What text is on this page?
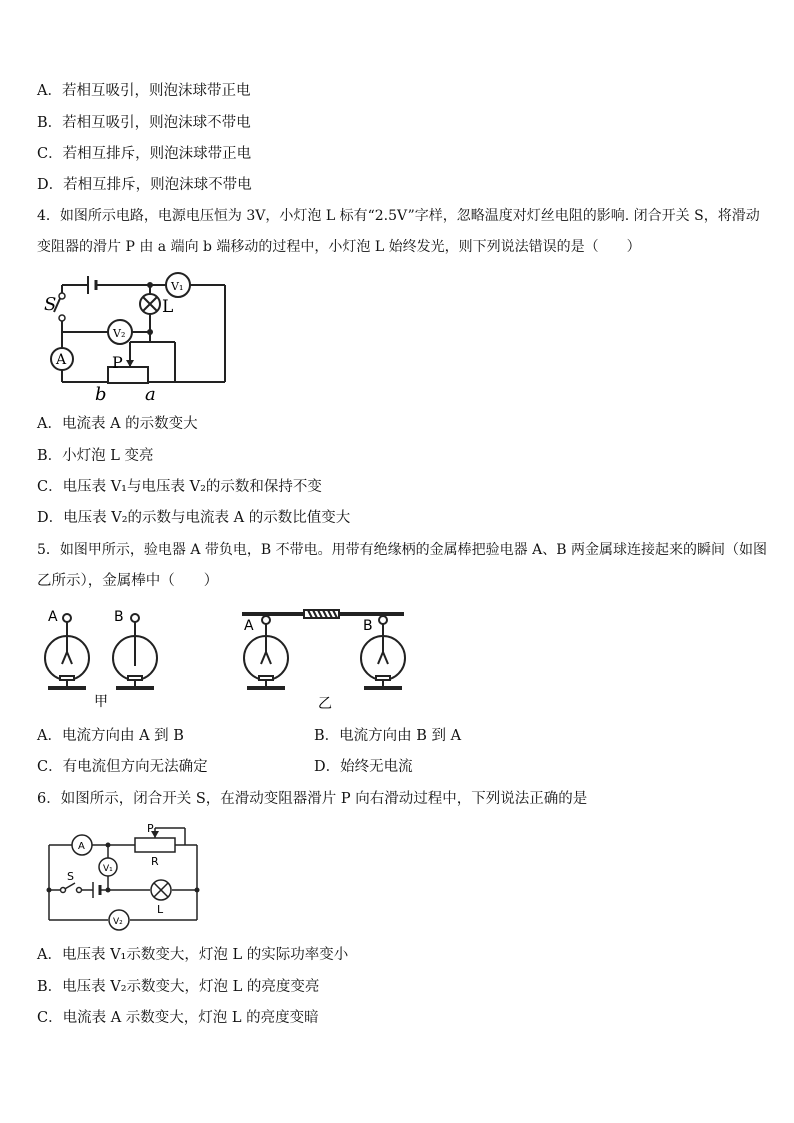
A．若相互吸引，则泡沫球带正电
B．若相互吸引，则泡沫球不带电
C．若相互排斥，则泡沫球带正电
D．若相互排斥，则泡沫球不带电
4．如图所示电路，电源电压恒为 3V，小灯泡 L 标有“2.5V”字样，忽略温度对灯丝电阻的影响. 闭合开关 S，将滑动
变阻器的滑片 P 由 a 端向 b 端移动的过程中，小灯泡 L 始终发光，则下列说法错误的是（　　）
S
V₁
L
V₂
A	P
b a
A．电流表 A 的示数变大
B．小灯泡 L 变亮
C．电压表 V₁与电压表 V₂的示数和保持不变
D．电压表 V₂的示数与电流表 A 的示数比值变大
5．如图甲所示，验电器 A 带负电，B 不带电。用带有绝缘柄的金属棒把验电器 A、B 两金属球连接起来的瞬间（如图
乙所示），金属棒中（　　）
A	B
甲
A	B
乙
A．电流方向由 A 到 B	B．电流方向由 B 到 A
C．有电流但方向无法确定	D．始终无电流
6．如图所示，闭合开关 S，在滑动变阻器滑片 P 向右滑动过程中，下列说法正确的是
A
P
R
V₁
S
L
V₂
A．电压表 V₁示数变大，灯泡 L 的实际功率变小
B．电压表 V₂示数变大，灯泡 L 的亮度变亮
C．电流表 A 示数变大，灯泡 L 的亮度变暗
